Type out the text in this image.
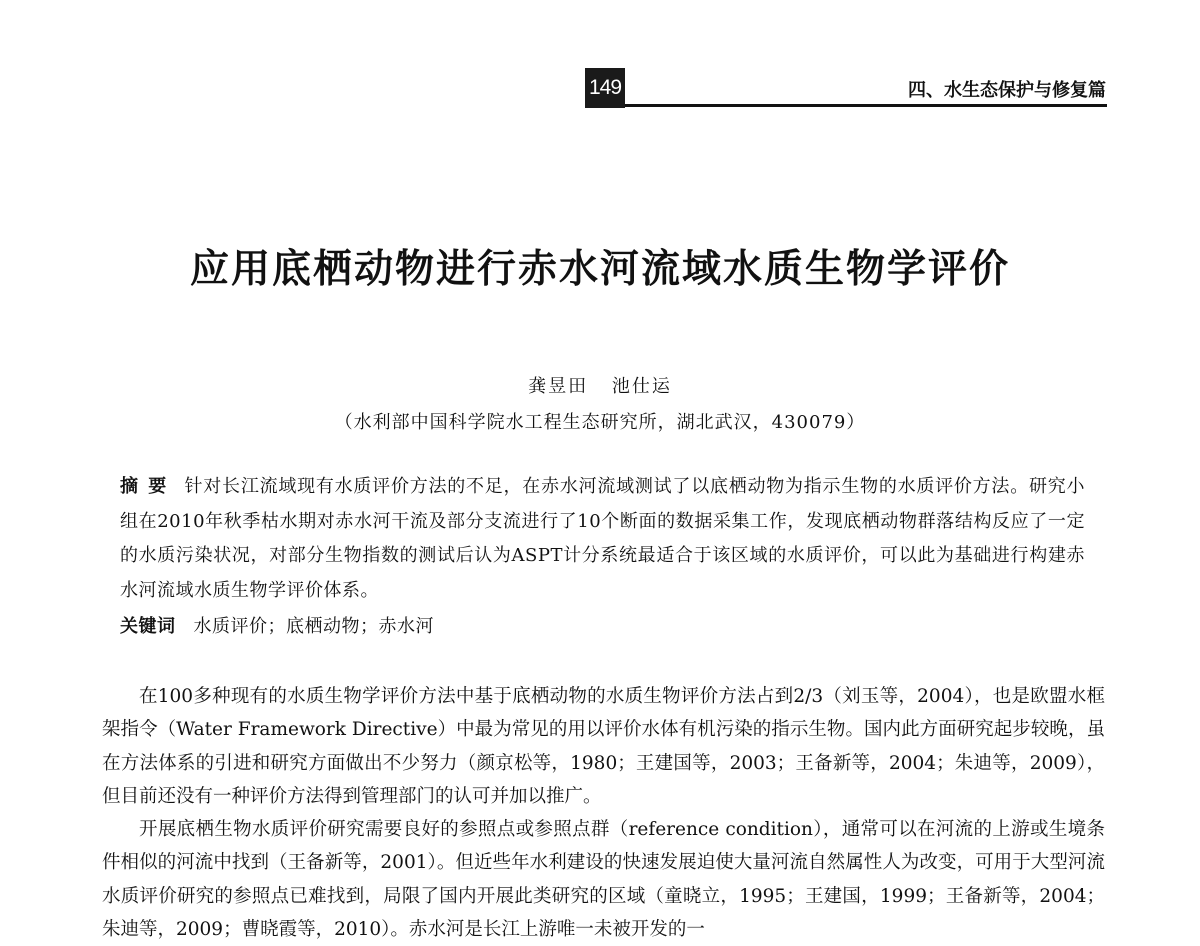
149	四、水生态保护与修复篇
应用底栖动物进行赤水河流域水质生物学评价
龚昱田 池仕运
（水利部中国科学院水工程生态研究所，湖北武汉，430079）
摘要 针对长江流域现有水质评价方法的不足，在赤水河流域测试了以底栖动物为指示生物的水质评价方法。研究小组在2010年秋季枯水期对赤水河干流及部分支流进行了10个断面的数据采集工作，发现底栖动物群落结构反应了一定的水质污染状况，对部分生物指数的测试后认为ASPT计分系统最适合于该区域的水质评价，可以此为基础进行构建赤水河流域水质生物学评价体系。
关键词 水质评价；底栖动物；赤水河

在100多种现有的水质生物学评价方法中基于底栖动物的水质生物评价方法占到2/3（刘玉等，2004），也是欧盟水框架指令（Water Framework Directive）中最为常见的用以评价水体有机污染的指示生物。国内此方面研究起步较晚，虽在方法体系的引进和研究方面做出不少努力（颜京松等，1980；王建国等，2003；王备新等，2004；朱迪等，2009），但目前还没有一种评价方法得到管理部门的认可并加以推广。

开展底栖生物水质评价研究需要良好的参照点或参照点群（reference condition），通常可以在河流的上游或生境条件相似的河流中找到（王备新等，2001）。但近些年水利建设的快速发展迫使大量河流自然属性人为改变，可用于大型河流水质评价研究的参照点已难找到，局限了国内开展此类研究的区域（童晓立，1995；王建国，1999；王备新等，2004；朱迪等，2009；曹晓霞等，2010）。赤水河是长江上游唯一未被开发的一
